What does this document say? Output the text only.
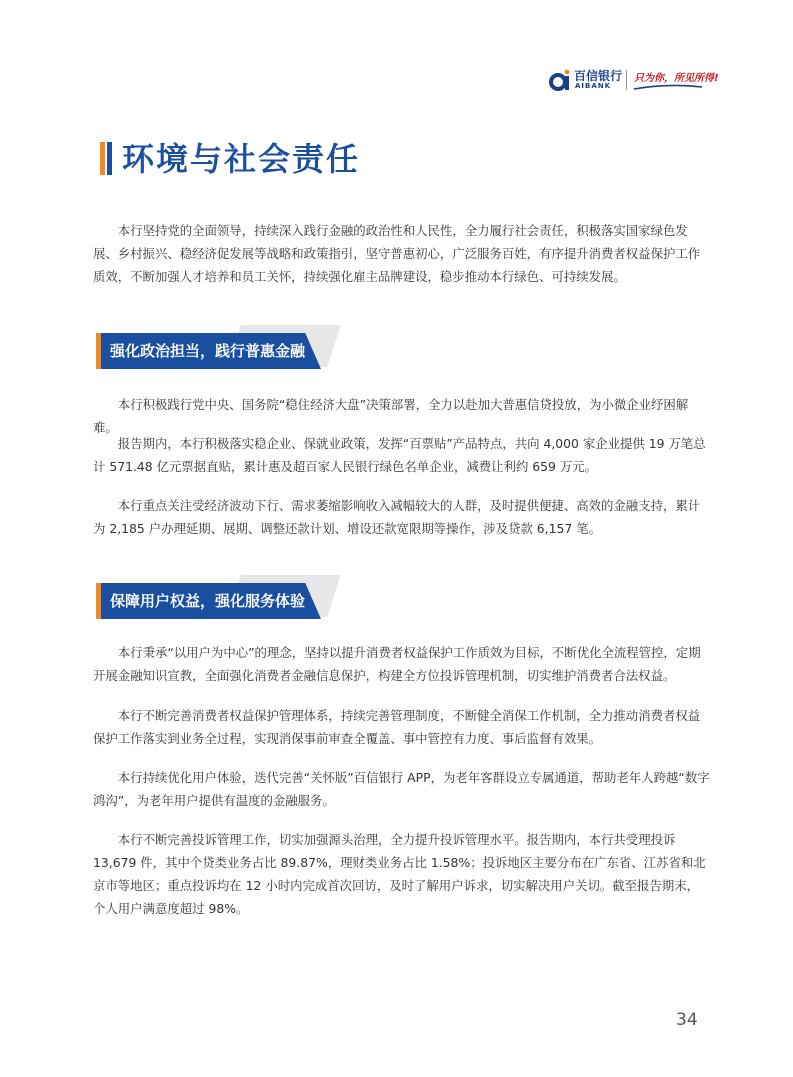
百信银行
AIBANK
只为你，所见所得!
环境与社会责任

本行坚持党的全面领导，持续深入践行金融的政治性和人民性，全力履行社会责任，积极落实国家绿色发展、乡村振兴、稳经济促发展等战略和政策指引，坚守普惠初心，广泛服务百姓，有序提升消费者权益保护工作质效，不断加强人才培养和员工关怀，持续强化雇主品牌建设，稳步推动本行绿色、可持续发展。

强化政治担当，践行普惠金融

本行积极践行党中央、国务院“稳住经济大盘”决策部署，全力以赴加大普惠信贷投放，为小微企业纾困解难。

报告期内，本行积极落实稳企业、保就业政策，发挥“百票贴”产品特点，共向 4,000 家企业提供 19 万笔总计 571.48 亿元票据直贴，累计惠及超百家人民银行绿色名单企业，减费让利约 659 万元。

本行重点关注受经济波动下行、需求萎缩影响收入减幅较大的人群，及时提供便捷、高效的金融支持，累计为 2,185 户办理延期、展期、调整还款计划、增设还款宽限期等操作，涉及贷款 6,157 笔。

保障用户权益，强化服务体验

本行秉承“以用户为中心”的理念，坚持以提升消费者权益保护工作质效为目标，不断优化全流程管控，定期开展金融知识宣教，全面强化消费者金融信息保护，构建全方位投诉管理机制，切实维护消费者合法权益。

本行不断完善消费者权益保护管理体系，持续完善管理制度，不断健全消保工作机制，全力推动消费者权益保护工作落实到业务全过程，实现消保事前审查全覆盖、事中管控有力度、事后监督有效果。

本行持续优化用户体验，迭代完善“关怀版”百信银行 APP，为老年客群设立专属通道，帮助老年人跨越“数字鸿沟”，为老年用户提供有温度的金融服务。

本行不断完善投诉管理工作，切实加强源头治理，全力提升投诉管理水平。报告期内，本行共受理投诉 13,679 件，其中个贷类业务占比 89.87%，理财类业务占比 1.58%；投诉地区主要分布在广东省、江苏省和北京市等地区；重点投诉均在 12 小时内完成首次回访，及时了解用户诉求，切实解决用户关切。截至报告期末，个人用户满意度超过 98%。

34
